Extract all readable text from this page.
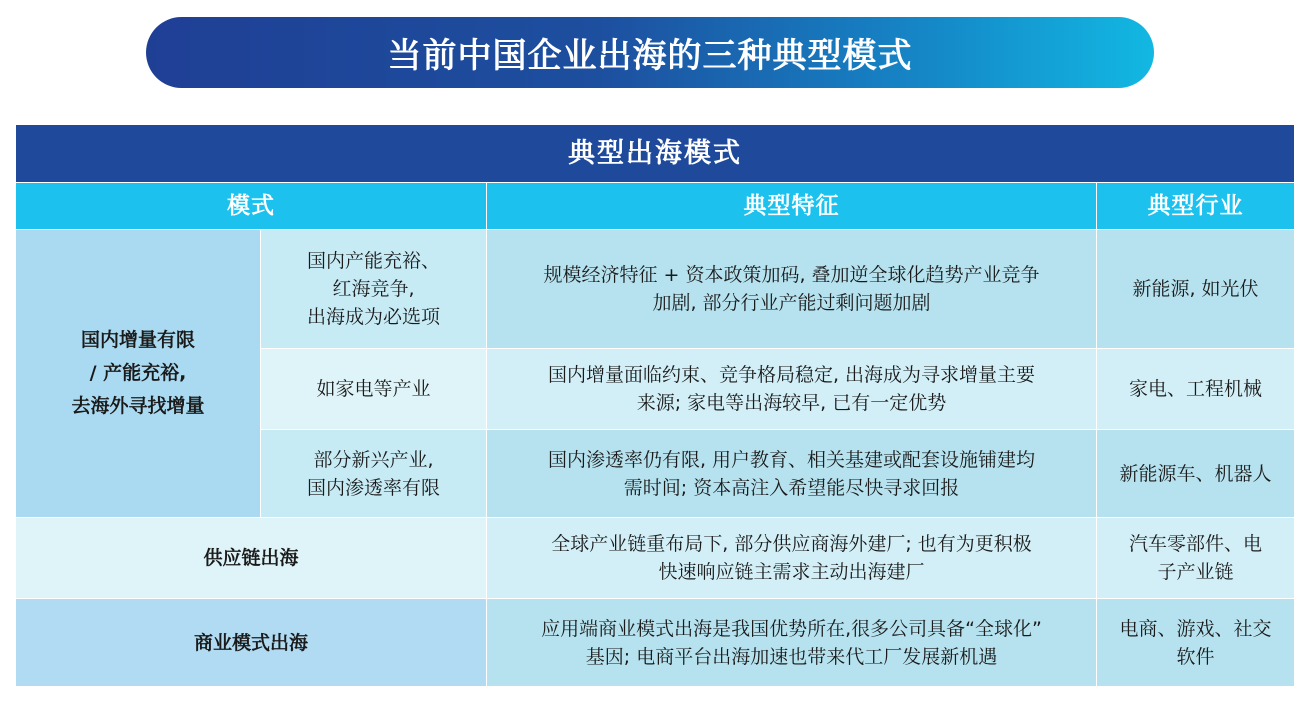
当前中国企业出海的三种典型模式
典型出海模式			
模式		典型特征	典型行业

国内增量有限
/ 产能充裕,
去海外寻找增量	国内产能充裕、
红海竞争,
出海成为必选项	规模经济特征 + 资本政策加码, 叠加逆全球化趋势产业竞争
加剧, 部分行业产能过剩问题加剧	新能源, 如光伏

	如家电等产业	国内增量面临约束、竞争格局稳定, 出海成为寻求增量主要
来源; 家电等出海较早, 已有一定优势	家电、工程机械

	部分新兴产业,
国内渗透率有限	国内渗透率仍有限, 用户教育、相关基建或配套设施铺建均
需时间; 资本高注入希望能尽快寻求回报	新能源车、机器人

供应链出海		全球产业链重布局下, 部分供应商海外建厂; 也有为更积极
快速响应链主需求主动出海建厂	汽车零部件、电
子产业链

商业模式出海		应用端商业模式出海是我国优势所在,很多公司具备“全球化”
基因; 电商平台出海加速也带来代工厂发展新机遇	电商、游戏、社交
软件
